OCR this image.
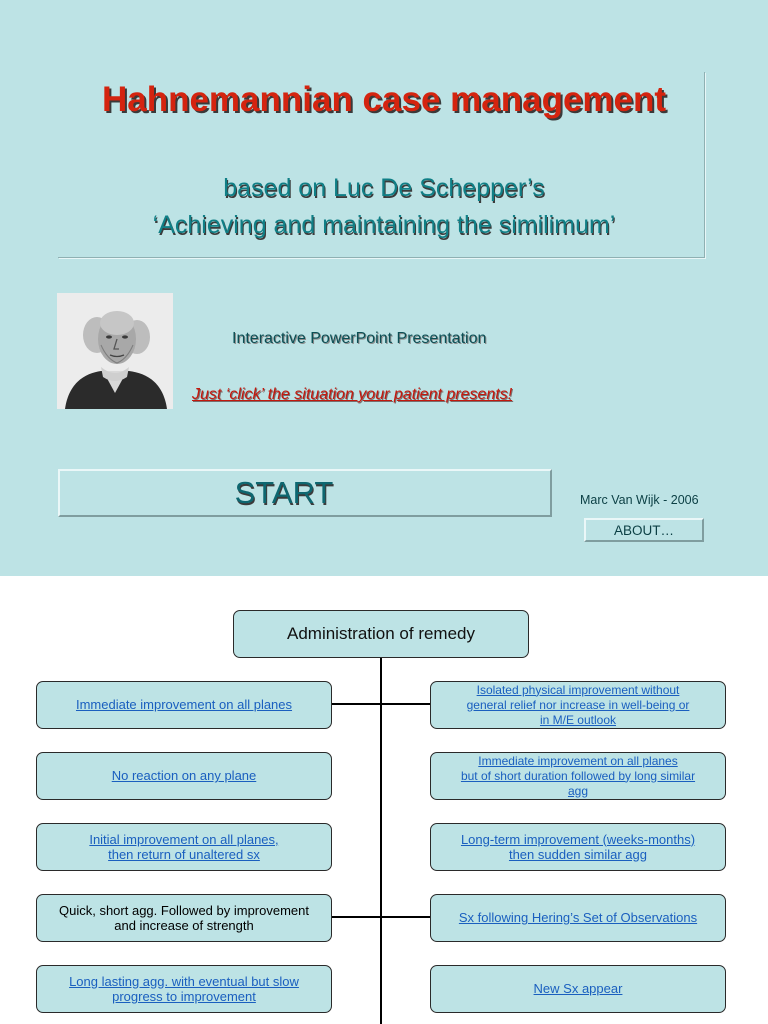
Hahnemannian case management

based on Luc De Schepper’s

‘Achieving and maintaining the similimum’

Interactive PowerPoint Presentation
Just ‘click’ the situation your patient presents!
START	Marc Van Wijk - 2006
ABOUT…
Administration of remedy
Immediate improvement on all planes
No reaction on any plane
Initial improvement on all planes,
then return of unaltered sx
Quick, short agg. Followed by improvement
and increase of strength
Long lasting agg. with eventual but slow
progress to improvement
Isolated physical improvement without
general relief nor increase in well-being or
in M/E outlook
Immediate improvement on all planes
but of short duration followed by long similar
agg
Long-term improvement (weeks-months)
then sudden similar agg
Sx following Hering’s Set of Observations
New Sx appear
